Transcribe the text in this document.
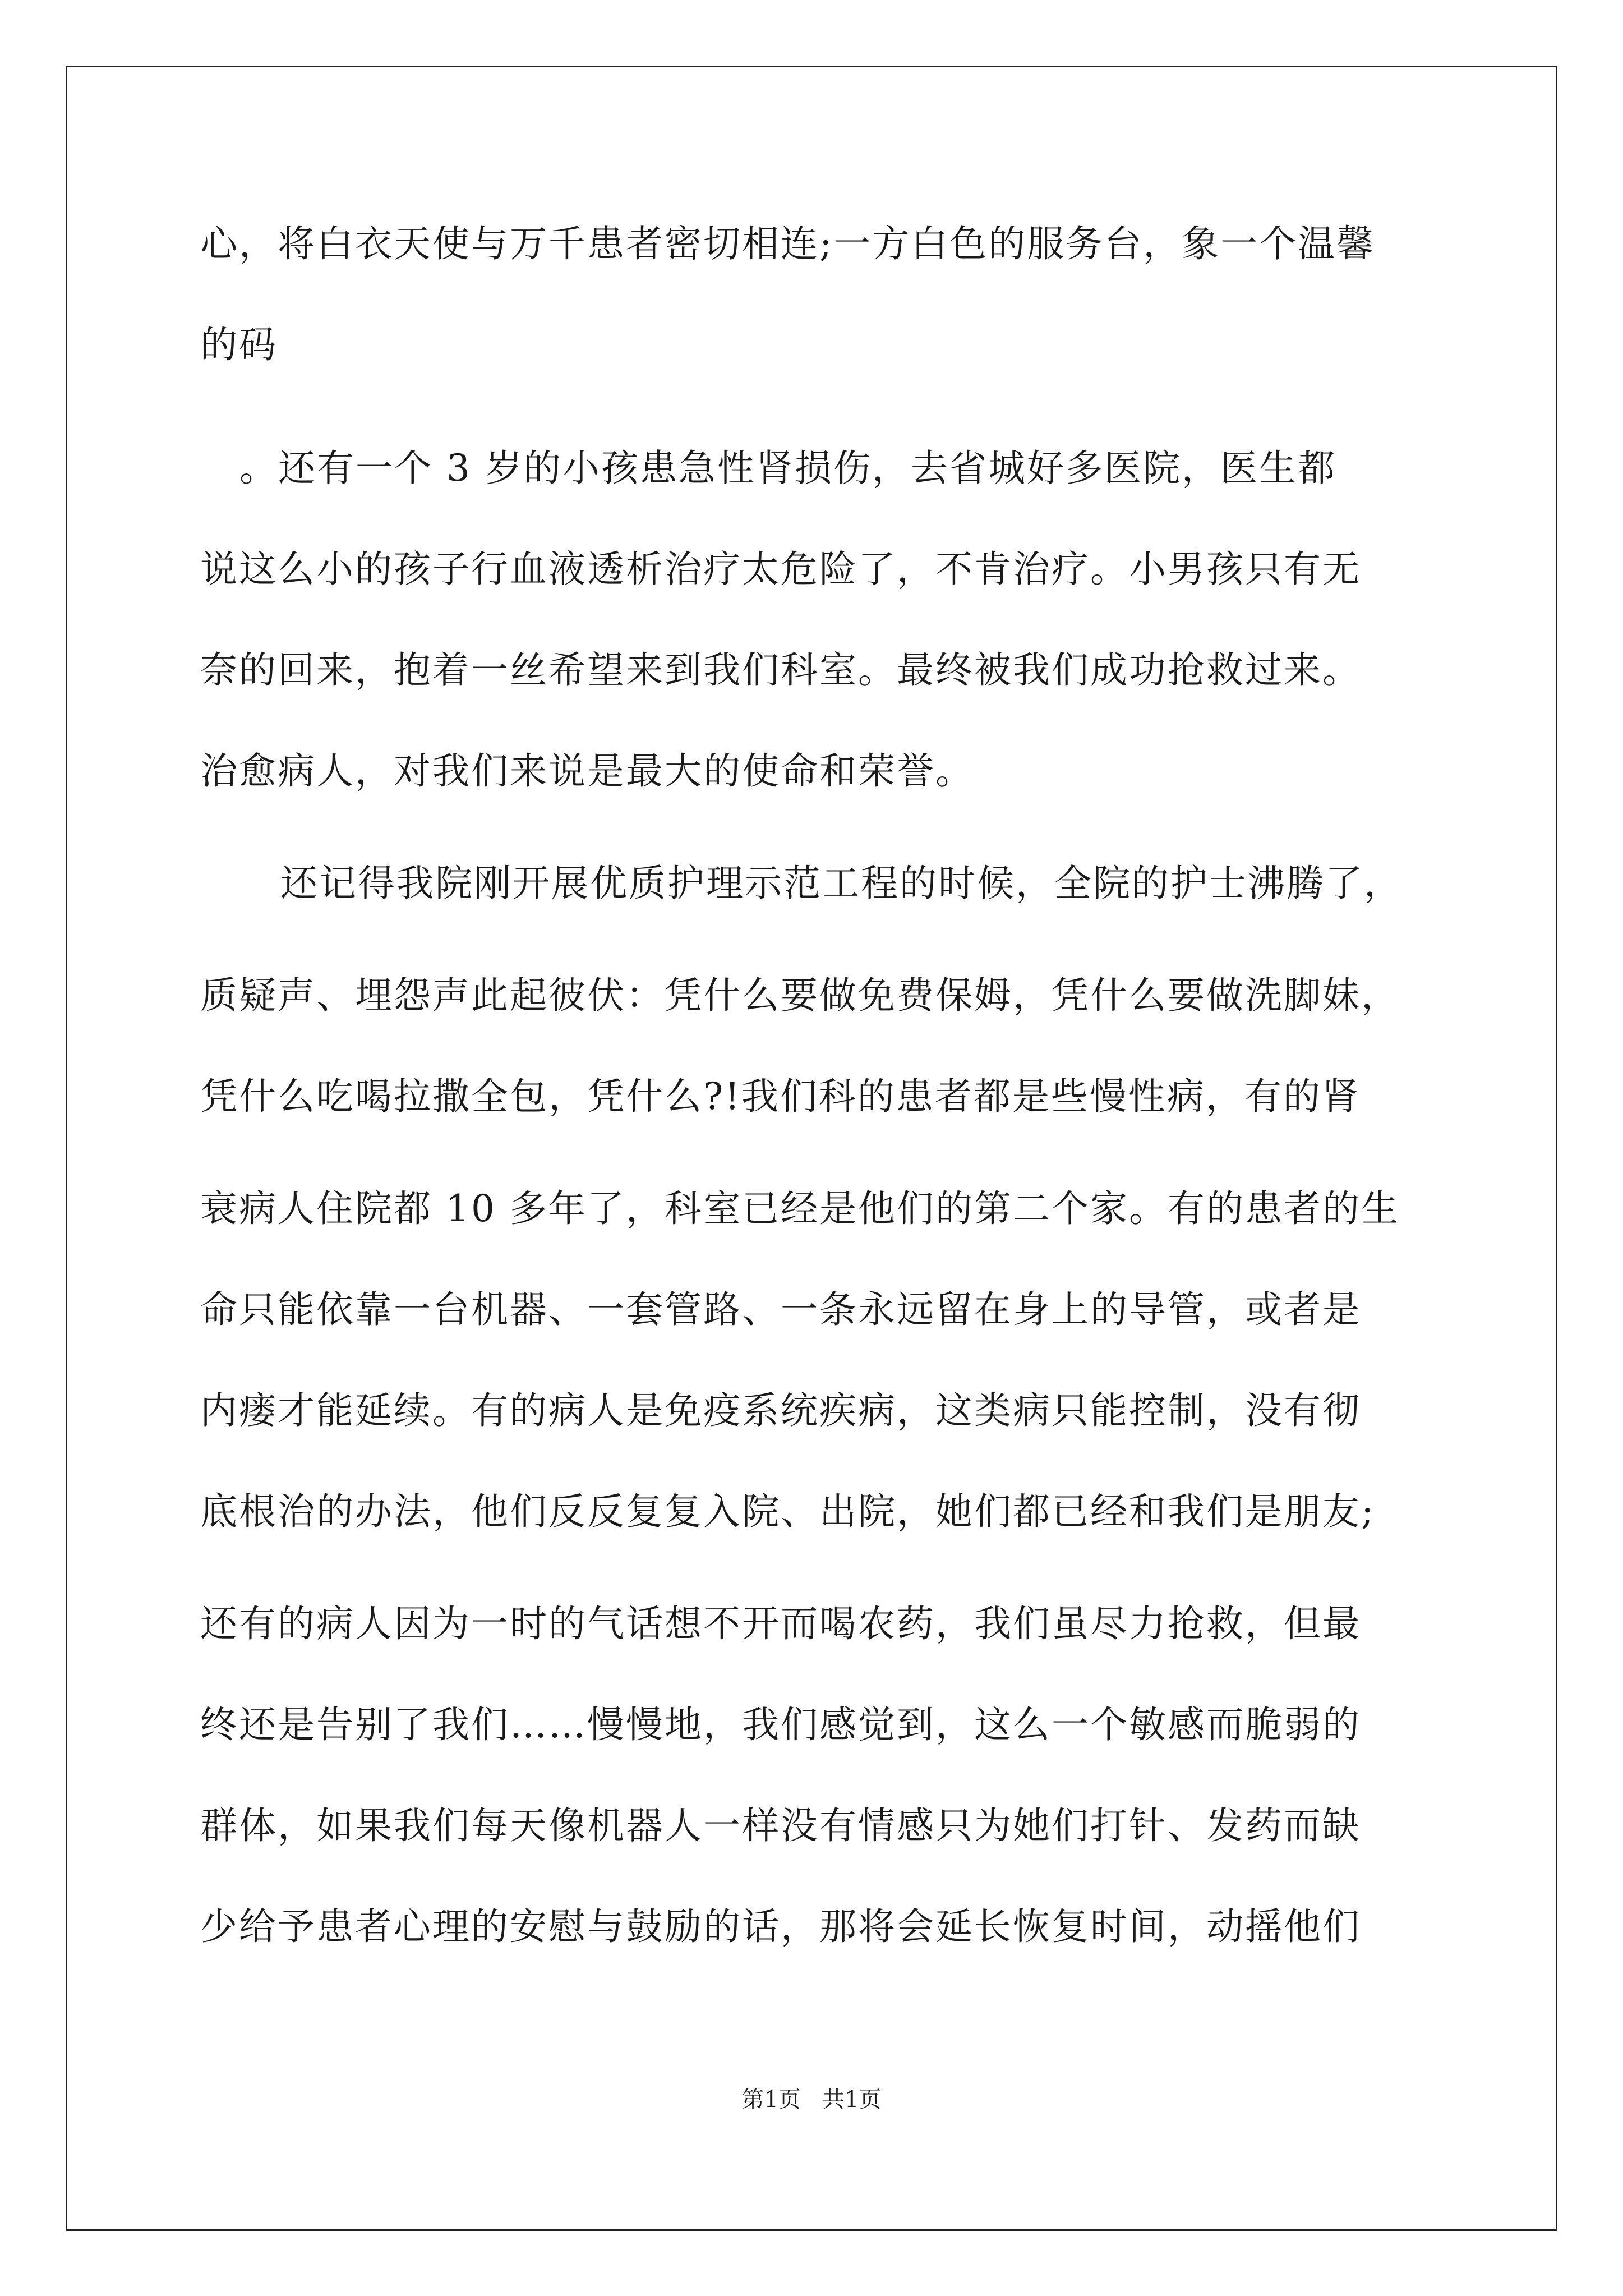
心，将白衣天使与万千患者密切相连;一方白色的服务台，象一个温馨
的码
。还有一个 3 岁的小孩患急性肾损伤，去省城好多医院，医生都
说这么小的孩子行血液透析治疗太危险了，不肯治疗。小男孩只有无
奈的回来，抱着一丝希望来到我们科室。最终被我们成功抢救过来。
治愈病人，对我们来说是最大的使命和荣誉。
还记得我院刚开展优质护理示范工程的时候，全院的护士沸腾了，
质疑声、埋怨声此起彼伏：凭什么要做免费保姆，凭什么要做洗脚妹，
凭什么吃喝拉撒全包，凭什么?!我们科的患者都是些慢性病，有的肾
衰病人住院都 10 多年了，科室已经是他们的第二个家。有的患者的生
命只能依靠一台机器、一套管路、一条永远留在身上的导管，或者是
内瘘才能延续。有的病人是免疫系统疾病，这类病只能控制，没有彻
底根治的办法，他们反反复复入院、出院，她们都已经和我们是朋友;
还有的病人因为一时的气话想不开而喝农药，我们虽尽力抢救，但最
终还是告别了我们……慢慢地，我们感觉到，这么一个敏感而脆弱的
群体，如果我们每天像机器人一样没有情感只为她们打针、发药而缺
少给予患者心理的安慰与鼓励的话，那将会延长恢复时间，动摇他们
第1页   共1页
